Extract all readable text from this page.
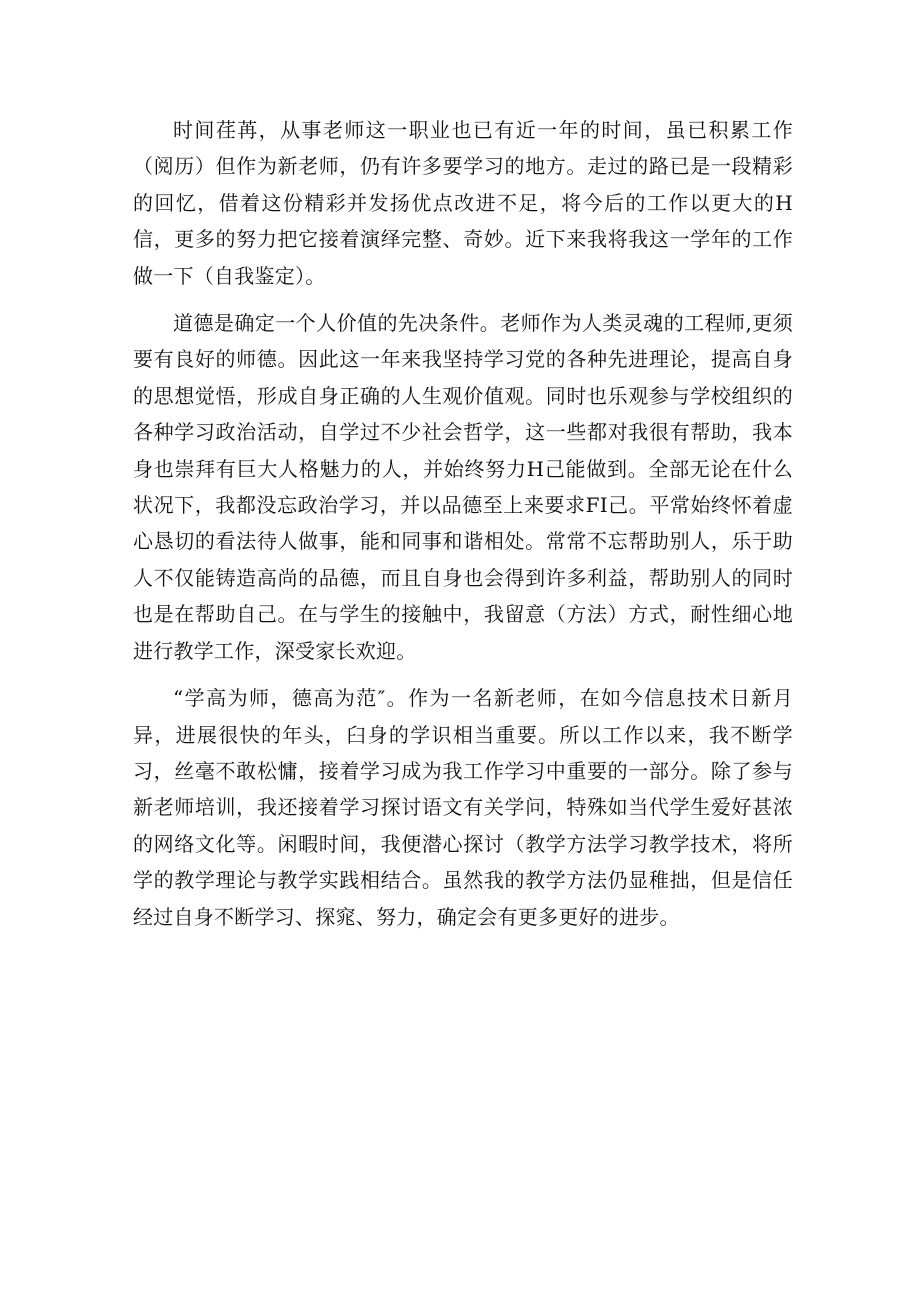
时间荏苒，从事老师这一职业也已有近一年的时间，虽已积累工作（阅历）但作为新老师，仍有许多要学习的地方。走过的路已是一段精彩的回忆，借着这份精彩并发扬优点改进不足，将今后的工作以更大的H信，更多的努力把它接着演绎完整、奇妙。近下来我将我这一学年的工作做一下（自我鉴定）。

道德是确定一个人价值的先决条件。老师作为人类灵魂的工程师,更须要有良好的师德。因此这一年来我坚持学习党的各种先进理论，提高自身的思想觉悟，形成自身正确的人生观价值观。同时也乐观参与学校组织的各种学习政治活动，自学过不少社会哲学，这一些都对我很有帮助，我本身也崇拜有巨大人格魅力的人，并始终努力H己能做到。全部无论在什么状况下，我都没忘政治学习，并以品德至上来要求FI己。平常始终怀着虚心恳切的看法待人做事，能和同事和谐相处。常常不忘帮助别人，乐于助人不仅能铸造高尚的品德，而且自身也会得到许多利益，帮助别人的同时也是在帮助自己。在与学生的接触中，我留意（方法）方式，耐性细心地进行教学工作，深受家长欢迎。

“学高为师，德高为范″。作为一名新老师，在如今信息技术日新月异，进展很快的年头，臼身的学识相当重要。所以工作以来，我不断学习，丝毫不敢松慵，接着学习成为我工作学习中重要的一部分。除了参与新老师培训，我还接着学习探讨语文有关学问，特殊如当代学生爱好甚浓的网络文化等。闲暇时间，我便潜心探讨（教学方法学习教学技术，将所学的教学理论与教学实践相结合。虽然我的教学方法仍显稚拙，但是信任经过自身不断学习、探窕、努力，确定会有更多更好的进步。
